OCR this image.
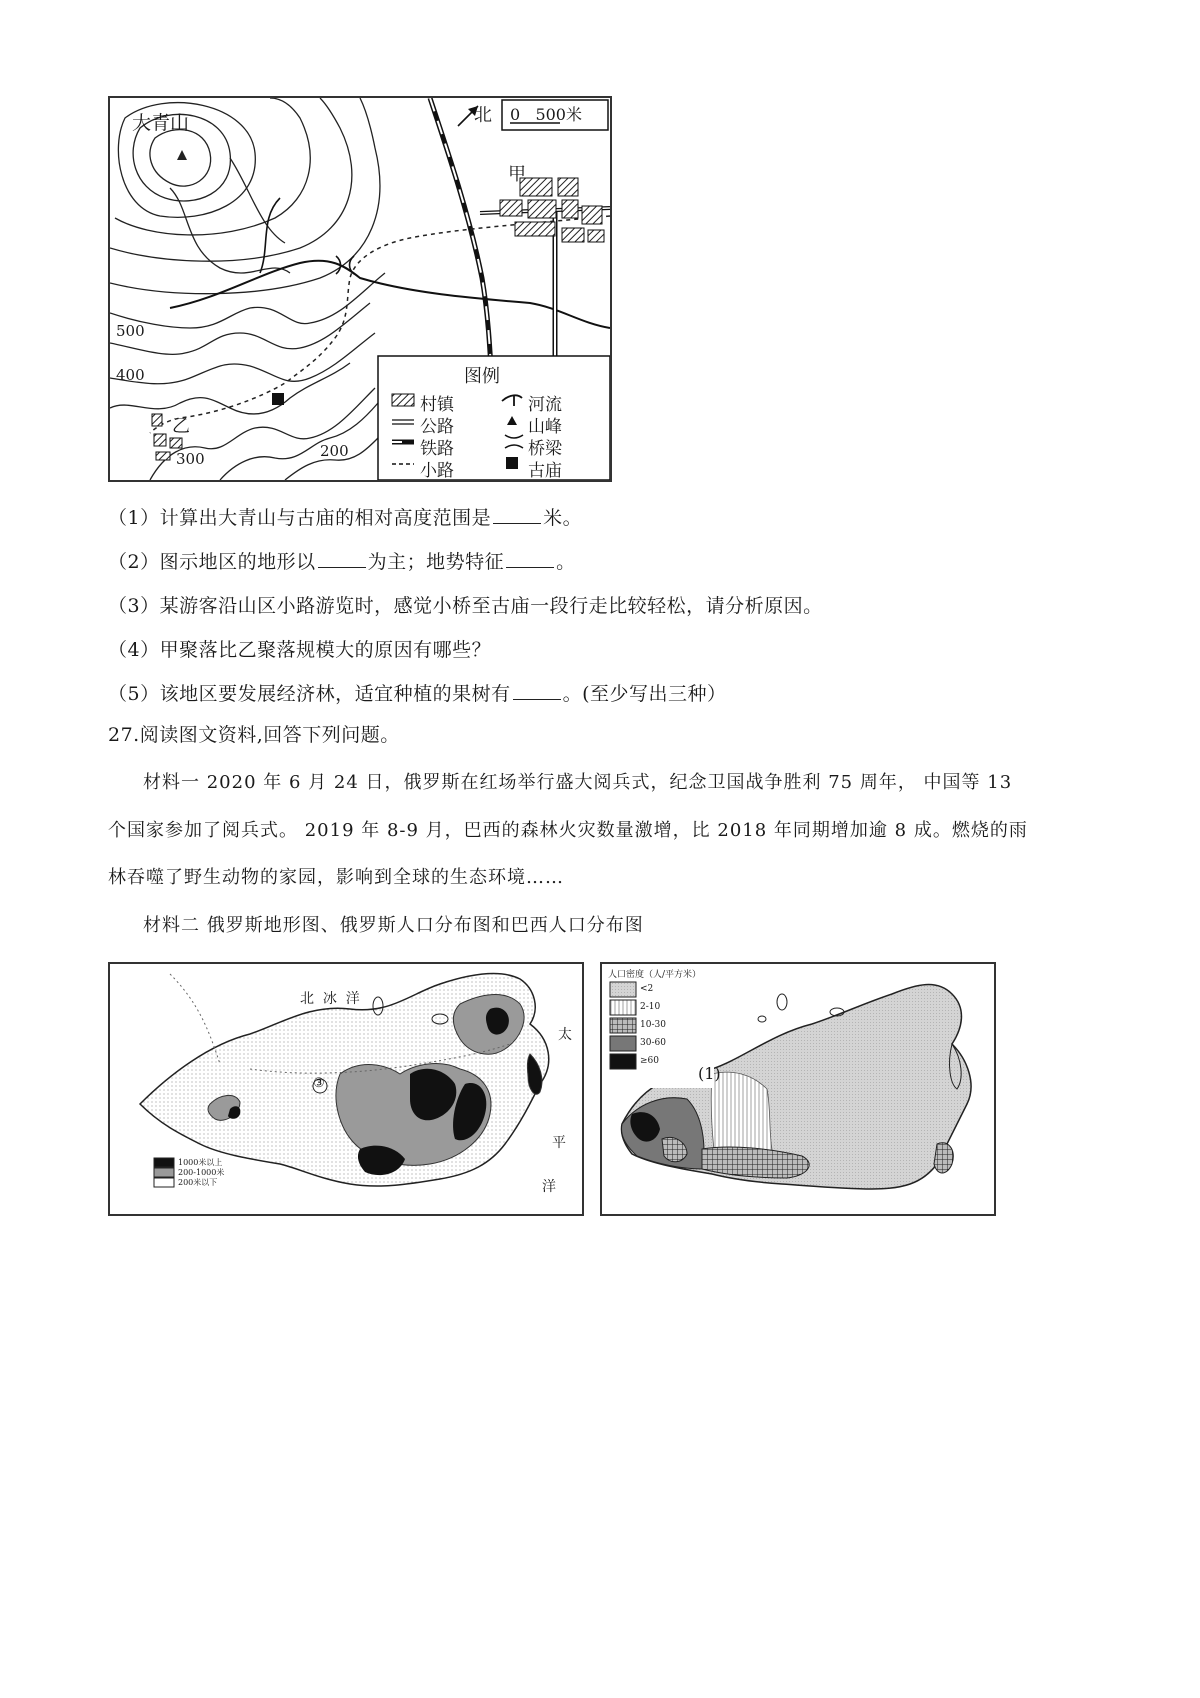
大青山	北 0   500米
甲
乙
500
400
300	200
图例
村镇
公路
铁路
小路
河流
山峰
桥梁
古庙
（1）计算出大青山与古庙的相对高度范围是	米。
（2）图示地区的地形以	为主；地势特征	。
（3）某游客沿山区小路游览时，感觉小桥至古庙一段行走比较轻松，请分析原因。
（4）甲聚落比乙聚落规模大的原因有哪些？
（5）该地区要发展经济林，适宜种植的果树有	。(至少写出三种）
27.阅读图文资料,回答下列问题。
材料一 2020 年 6 月 24 日，俄罗斯在红场举行盛大阅兵式，纪念卫国战争胜利 75 周年， 中国等 13
个国家参加了阅兵式。 2019 年 8-9 月，巴西的森林火灾数量激增，比 2018 年同期增加逾 8 成。燃烧的雨
林吞噬了野生动物的家园，影响到全球的生态环境……
材料二 俄罗斯地形图、俄罗斯人口分布图和巴西人口分布图
北  冰  洋
太
平
洋
③
1000米以上
200-1000米
200米以下
人口密度（人/平方米）
<2
2-10
10-30
30-60
≥60
(1)
